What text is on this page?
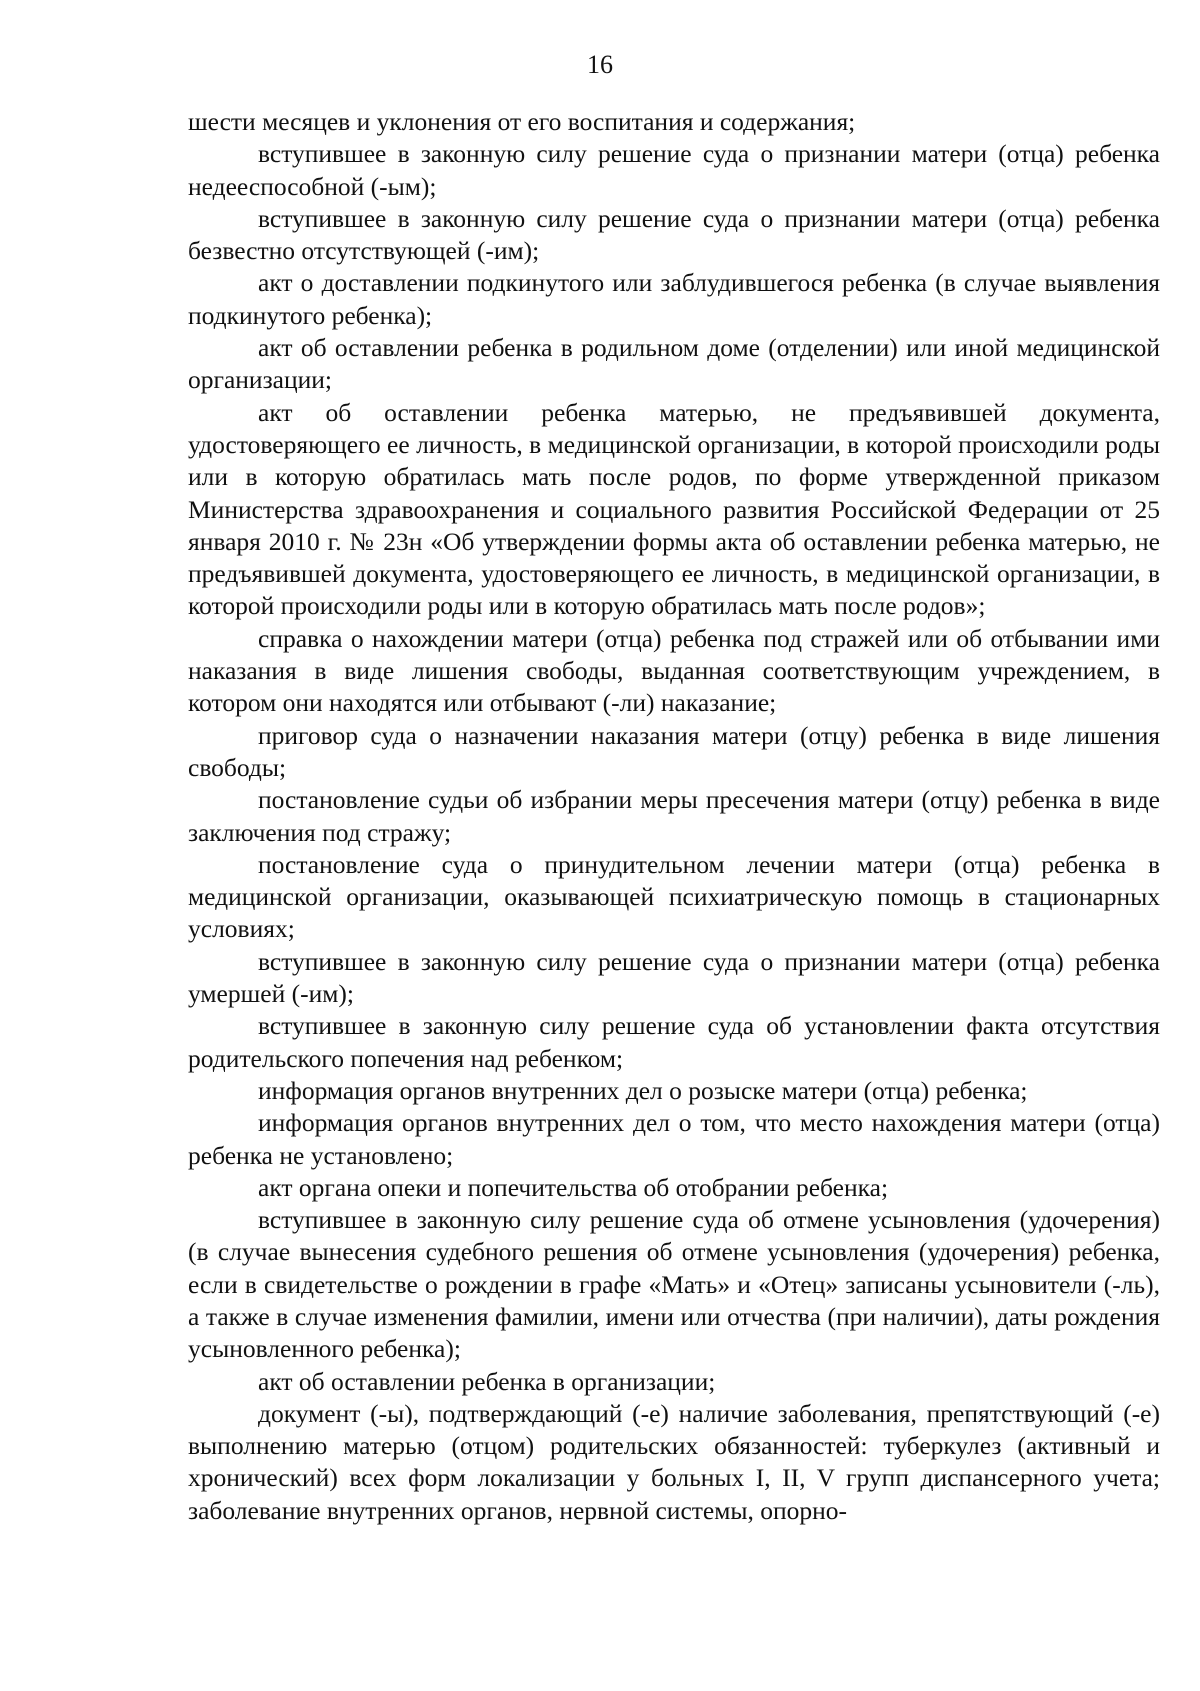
16

шести месяцев и уклонения от его воспитания и содержания;

вступившее в законную силу решение суда о признании матери (отца) ребенка недееспособной (-ым);

вступившее в законную силу решение суда о признании матери (отца) ребенка безвестно отсутствующей (-им);

акт о доставлении подкинутого или заблудившегося ребенка (в случае выявления подкинутого ребенка);

акт об оставлении ребенка в родильном доме (отделении) или иной медицинской организации;

акт об оставлении ребенка матерью, не предъявившей документа, удостоверяющего ее личность, в медицинской организации, в которой происходили роды или в которую обратилась мать после родов, по форме утвержденной приказом Министерства здравоохранения и социального развития Российской Федерации от 25 января 2010 г. № 23н «Об утверждении формы акта об оставлении ребенка матерью, не предъявившей документа, удостоверяющего ее личность, в медицинской организации, в которой происходили роды или в которую обратилась мать после родов»;

справка о нахождении матери (отца) ребенка под стражей или об отбывании ими наказания в виде лишения свободы, выданная соответствующим учреждением, в котором они находятся или отбывают (-ли) наказание;

приговор суда о назначении наказания матери (отцу) ребенка в виде лишения свободы;

постановление судьи об избрании меры пресечения матери (отцу) ребенка в виде заключения под стражу;

постановление суда о принудительном лечении матери (отца) ребенка в медицинской организации, оказывающей психиатрическую помощь в стационарных условиях;

вступившее в законную силу решение суда о признании матери (отца) ребенка умершей (-им);

вступившее в законную силу решение суда об установлении факта отсутствия родительского попечения над ребенком;

информация органов внутренних дел о розыске матери (отца) ребенка;

информация органов внутренних дел о том, что место нахождения матери (отца) ребенка не установлено;

акт органа опеки и попечительства об отобрании ребенка;

вступившее в законную силу решение суда об отмене усыновления (удочерения) (в случае вынесения судебного решения об отмене усыновления (удочерения) ребенка, если в свидетельстве о рождении в графе «Мать» и «Отец» записаны усыновители (-ль), а также в случае изменения фамилии, имени или отчества (при наличии), даты рождения усыновленного ребенка);

акт об оставлении ребенка в организации;

документ (-ы), подтверждающий (-е) наличие заболевания, препятствующий (-е) выполнению матерью (отцом) родительских обязанностей: туберкулез (активный и хронический) всех форм локализации у больных I, II, V групп диспансерного учета; заболевание внутренних органов, нервной системы, опорно-
